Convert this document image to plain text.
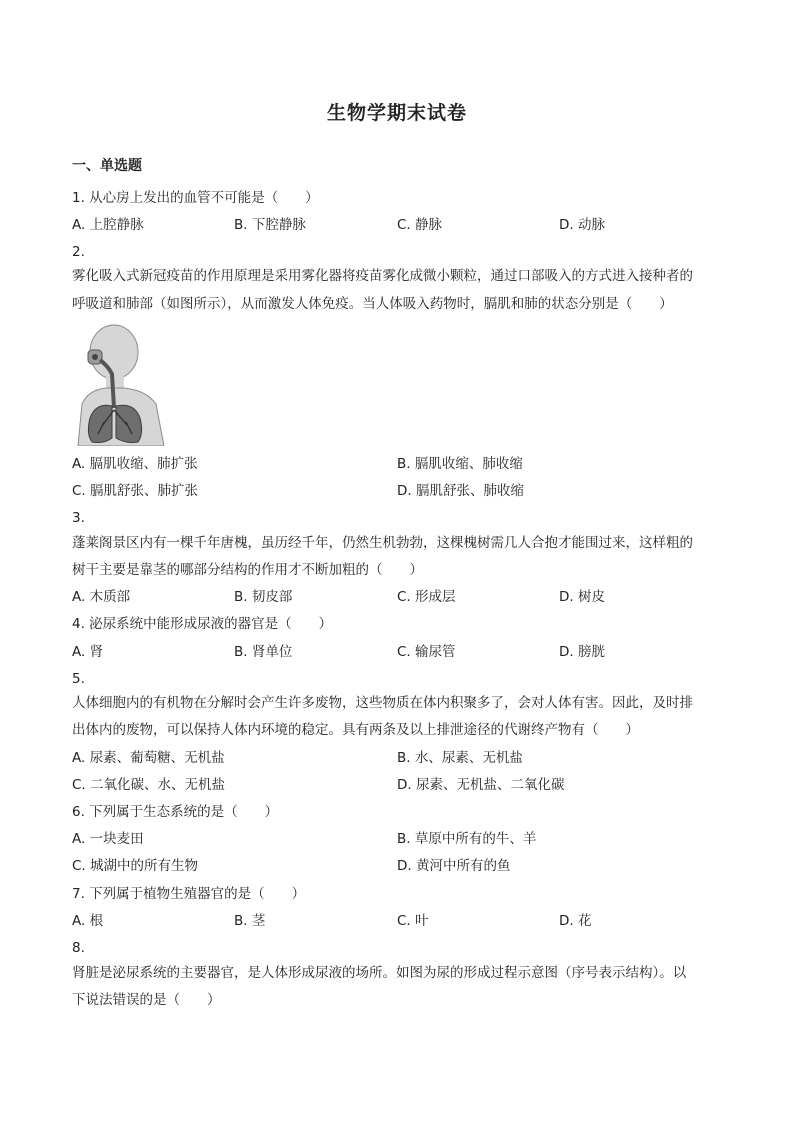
生物学期末试卷
一、单选题
1. 从心房上发出的血管不可能是（　　）
A. 上腔静脉	B. 下腔静脉	C. 静脉	D. 动脉
2.
雾化吸入式新冠疫苗的作用原理是采用雾化器将疫苗雾化成微小颗粒，通过口部吸入的方式进入接种者的
呼吸道和肺部（如图所示），从而激发人体免疫。当人体吸入药物时，膈肌和肺的状态分别是（　　）
A. 膈肌收缩、肺扩张	B. 膈肌收缩、肺收缩
C. 膈肌舒张、肺扩张	D. 膈肌舒张、肺收缩
3.
蓬莱阁景区内有一棵千年唐槐，虽历经千年，仍然生机勃勃，这棵槐树需几人合抱才能围过来，这样粗的
树干主要是靠茎的哪部分结构的作用才不断加粗的（　　）
A. 木质部	B. 韧皮部	C. 形成层	D. 树皮
4. 泌尿系统中能形成尿液的器官是（　　）
A. 肾	B. 肾单位	C. 输尿管	D. 膀胱
5.
人体细胞内的有机物在分解时会产生许多废物，这些物质在体内积聚多了，会对人体有害。因此，及时排
出体内的废物，可以保持人体内环境的稳定。具有两条及以上排泄途径的代谢终产物有（　　）
A. 尿素、葡萄糖、无机盐	B. 水、尿素、无机盐
C. 二氧化碳、水、无机盐	D. 尿素、无机盐、二氧化碳
6. 下列属于生态系统的是（　　）
A. 一块麦田	B. 草原中所有的牛、羊
C. 城湖中的所有生物	D. 黄河中所有的鱼
7. 下列属于植物生殖器官的是（　　）
A. 根	B. 茎	C. 叶	D. 花
8.
肾脏是泌尿系统的主要器官，是人体形成尿液的场所。如图为尿的形成过程示意图（序号表示结构）。以
下说法错误的是（　　）
